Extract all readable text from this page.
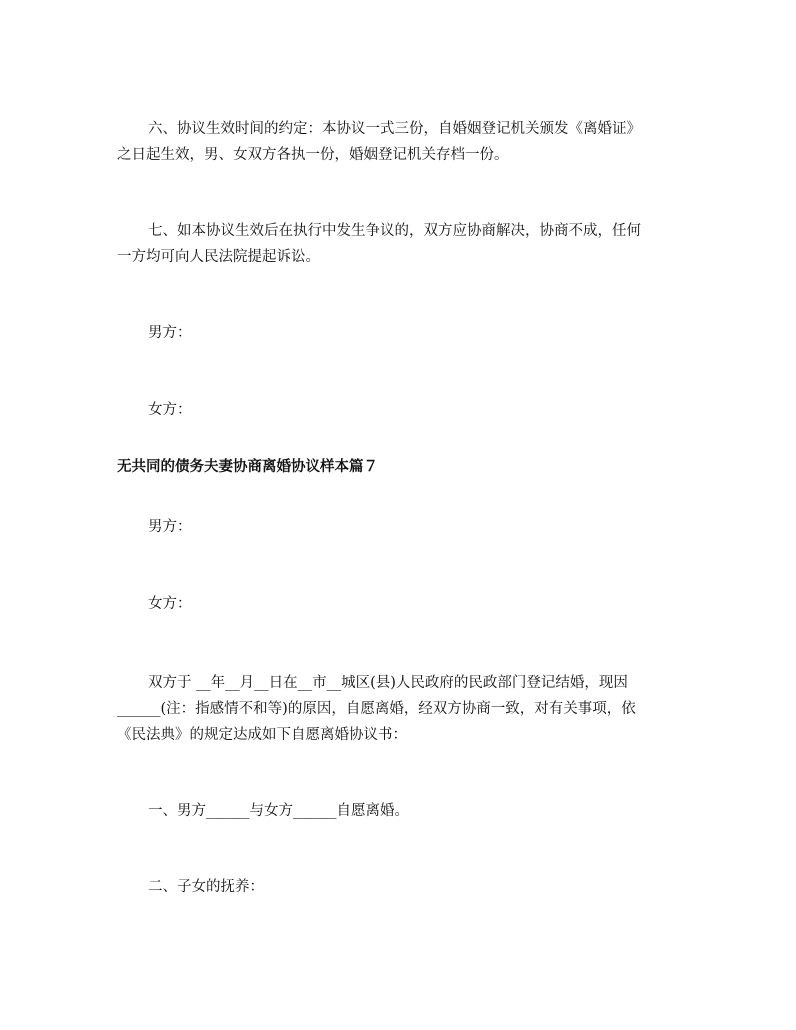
六、协议生效时间的约定：本协议一式三份，自婚姻登记机关颁发《离婚证》

之日起生效，男、女双方各执一份，婚姻登记机关存档一份。

七、如本协议生效后在执行中发生争议的，双方应协商解决，协商不成，任何

一方均可向人民法院提起诉讼。

男方：

女方：

无共同的债务夫妻协商离婚协议样本篇７

男方：

女方：

双方于 __年__月__日在__市__城区(县)人民政府的民政部门登记结婚，现因

______(注：指感情不和等)的原因，自愿离婚，经双方协商一致，对有关事项，依

《民法典》的规定达成如下自愿离婚协议书：

一、男方______与女方______自愿离婚。

二、子女的抚养：
